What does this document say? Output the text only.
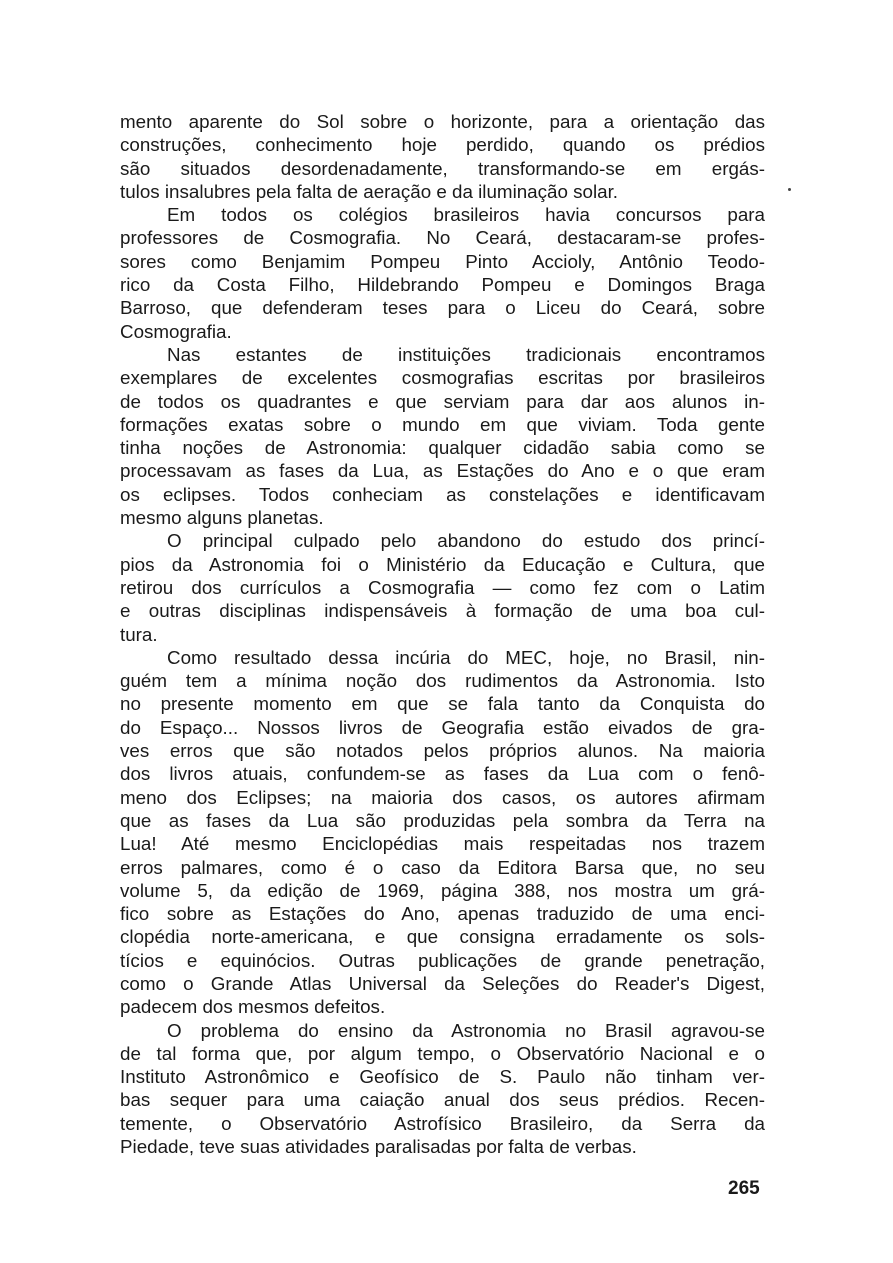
mento aparente do Sol sobre o horizonte, para a orientação das
construções, conhecimento hoje perdido, quando os prédios
são situados desordenadamente, transformando-se em ergás-
tulos insalubres pela falta de aeração e da iluminação solar.
Em todos os colégios brasileiros havia concursos para
professores de Cosmografia. No Ceará, destacaram-se profes-
sores como Benjamim Pompeu Pinto Accioly, Antônio Teodo-
rico da Costa Filho, Hildebrando Pompeu e Domingos Braga
Barroso, que defenderam teses para o Liceu do Ceará, sobre
Cosmografia.
Nas estantes de instituições tradicionais encontramos
exemplares de excelentes cosmografias escritas por brasileiros
de todos os quadrantes e que serviam para dar aos alunos in-
formações exatas sobre o mundo em que viviam. Toda gente
tinha noções de Astronomia: qualquer cidadão sabia como se
processavam as fases da Lua, as Estações do Ano e o que eram
os eclipses. Todos conheciam as constelações e identificavam
mesmo alguns planetas.
O principal culpado pelo abandono do estudo dos princí-
pios da Astronomia foi o Ministério da Educação e Cultura, que
retirou dos currículos a Cosmografia — como fez com o Latim
e outras disciplinas indispensáveis à formação de uma boa cul-
tura.
Como resultado dessa incúria do MEC, hoje, no Brasil, nin-
guém tem a mínima noção dos rudimentos da Astronomia. Isto
no presente momento em que se fala tanto da Conquista do
do Espaço... Nossos livros de Geografia estão eivados de gra-
ves erros que são notados pelos próprios alunos. Na maioria
dos livros atuais, confundem-se as fases da Lua com o fenô-
meno dos Eclipses; na maioria dos casos, os autores afirmam
que as fases da Lua são produzidas pela sombra da Terra na
Lua! Até mesmo Enciclopédias mais respeitadas nos trazem
erros palmares, como é o caso da Editora Barsa que, no seu
volume 5, da edição de 1969, página 388, nos mostra um grá-
fico sobre as Estações do Ano, apenas traduzido de uma enci-
clopédia norte-americana, e que consigna erradamente os sols-
tícios e equinócios. Outras publicações de grande penetração,
como o Grande Atlas Universal da Seleções do Reader's Digest,
padecem dos mesmos defeitos.
O problema do ensino da Astronomia no Brasil agravou-se
de tal forma que, por algum tempo, o Observatório Nacional e o
Instituto Astronômico e Geofísico de S. Paulo não tinham ver-
bas sequer para uma caiação anual dos seus prédios. Recen-
temente, o Observatório Astrofísico Brasileiro, da Serra da
Piedade, teve suas atividades paralisadas por falta de verbas.
265
